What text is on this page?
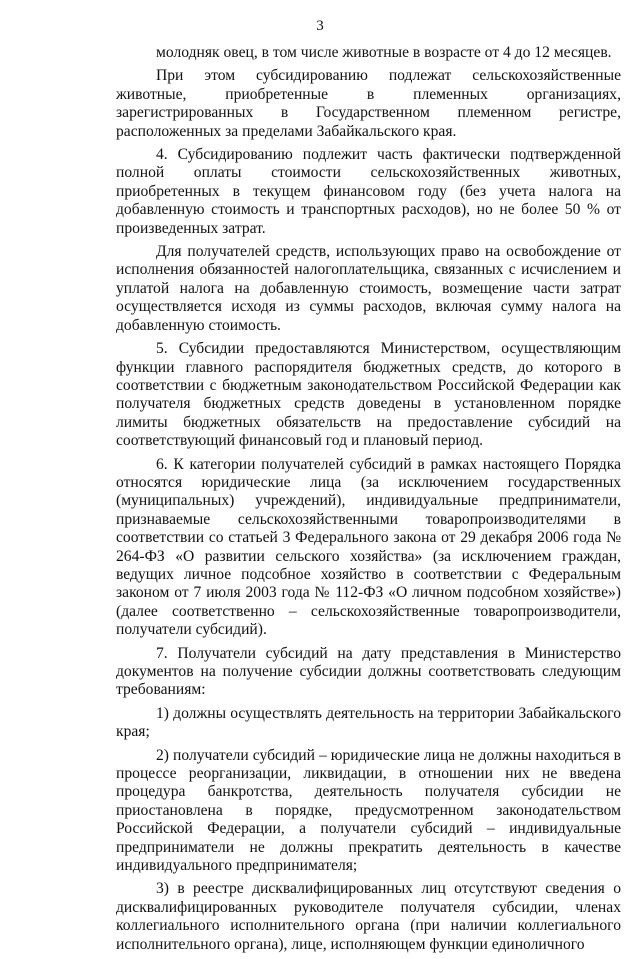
3

молодняк овец, в том числе животные в возрасте от 4 до 12 месяцев.

При этом субсидированию подлежат сельскохозяйственные животные, приобретенные в племенных организациях, зарегистрированных в Государственном племенном регистре, расположенных за пределами Забайкальского края.

4. Субсидированию подлежит часть фактически подтвержденной полной оплаты стоимости сельскохозяйственных животных, приобретенных в текущем финансовом году (без учета налога на добавленную стоимость и транспортных расходов), но не более 50 % от произведенных затрат.

Для получателей средств, использующих право на освобождение от исполнения обязанностей налогоплательщика, связанных с исчислением и уплатой налога на добавленную стоимость, возмещение части затрат осуществляется исходя из суммы расходов, включая сумму налога на добавленную стоимость.

5. Субсидии предоставляются Министерством, осуществляющим функции главного распорядителя бюджетных средств, до которого в соответствии с бюджетным законодательством Российской Федерации как получателя бюджетных средств доведены в установленном порядке лимиты бюджетных обязательств на предоставление субсидий на соответствующий финансовый год и плановый период.

6. К категории получателей субсидий в рамках настоящего Порядка относятся юридические лица (за исключением государственных (муниципальных) учреждений), индивидуальные предприниматели, признаваемые сельскохозяйственными товаропроизводителями в соответствии со статьей 3 Федерального закона от 29 декабря 2006 года № 264-ФЗ «О развитии сельского хозяйства» (за исключением граждан, ведущих личное подсобное хозяйство в соответствии с Федеральным законом от 7 июля 2003 года № 112-ФЗ «О личном подсобном хозяйстве») (далее соответственно – сельскохозяйственные товаропроизводители, получатели субсидий).

7. Получатели субсидий на дату представления в Министерство документов на получение субсидии должны соответствовать следующим требованиям:

1) должны осуществлять деятельность на территории Забайкальского края;

2) получатели субсидий – юридические лица не должны находиться в процессе реорганизации, ликвидации, в отношении них не введена процедура банкротства, деятельность получателя субсидии не приостановлена в порядке, предусмотренном законодательством Российской Федерации, а получатели субсидий – индивидуальные предприниматели не должны прекратить деятельность в качестве индивидуального предпринимателя;

3) в реестре дисквалифицированных лиц отсутствуют сведения о дисквалифицированных руководителе получателя субсидии, членах коллегиального исполнительного органа (при наличии коллегиального исполнительного органа), лице, исполняющем функции единоличного
